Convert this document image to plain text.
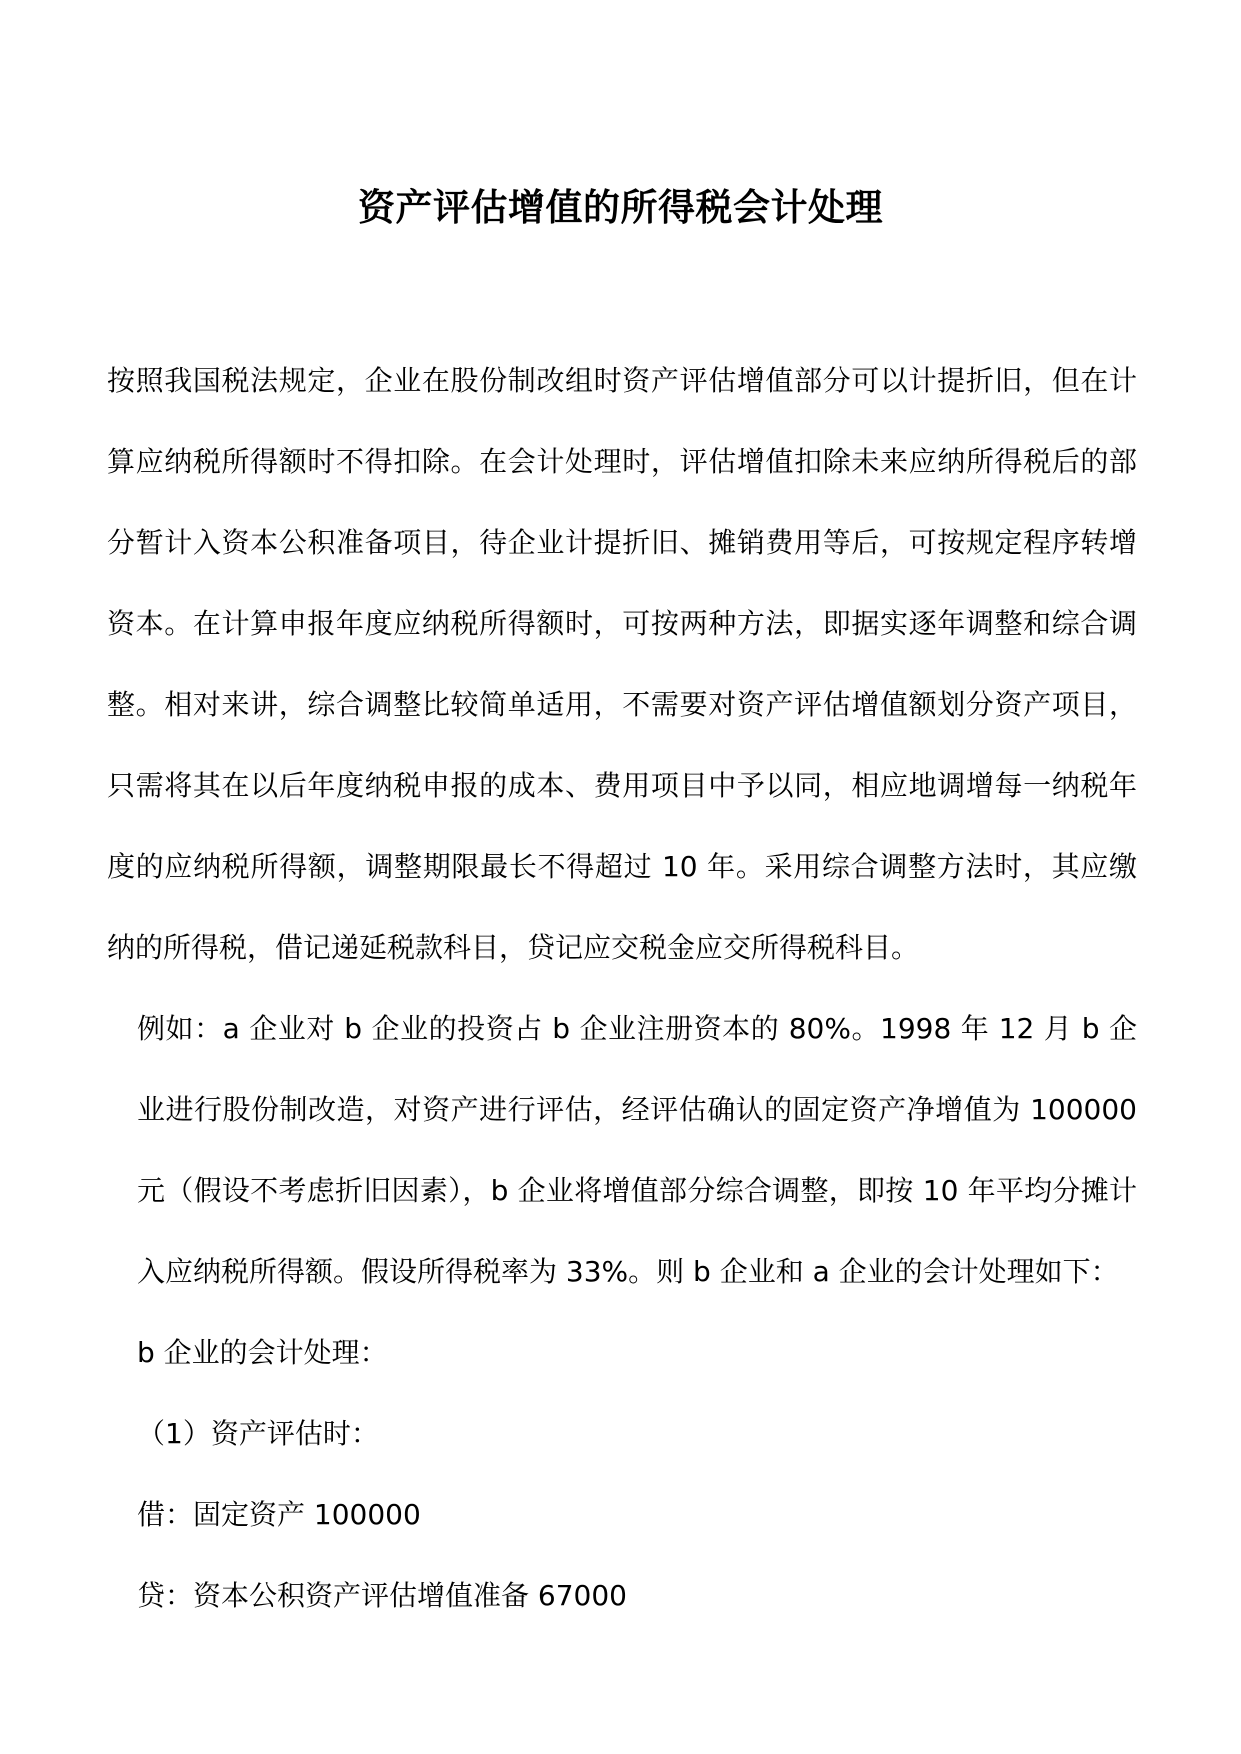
资产评估增值的所得税会计处理

按照我国税法规定，企业在股份制改组时资产评估增值部分可以计提折旧，但在计算应纳税所得额时不得扣除。在会计处理时，评估增值扣除未来应纳所得税后的部分暂计入资本公积准备项目，待企业计提折旧、摊销费用等后，可按规定程序转增资本。在计算申报年度应纳税所得额时，可按两种方法，即据实逐年调整和综合调整。相对来讲，综合调整比较简单适用，不需要对资产评估增值额划分资产项目，只需将其在以后年度纳税申报的成本、费用项目中予以同，相应地调增每一纳税年度的应纳税所得额，调整期限最长不得超过 10 年。采用综合调整方法时，其应缴纳的所得税，借记递延税款科目，贷记应交税金应交所得税科目。

例如：a 企业对 b 企业的投资占 b 企业注册资本的 80%。1998 年 12 月 b 企业进行股份制改造，对资产进行评估，经评估确认的固定资产净增值为 100000 元（假设不考虑折旧因素），b 企业将增值部分综合调整，即按 10 年平均分摊计入应纳税所得额。假设所得税率为 33%。则 b 企业和 a 企业的会计处理如下：

b 企业的会计处理：

（1）资产评估时：

借：固定资产 100000

贷：资本公积资产评估增值准备 67000
